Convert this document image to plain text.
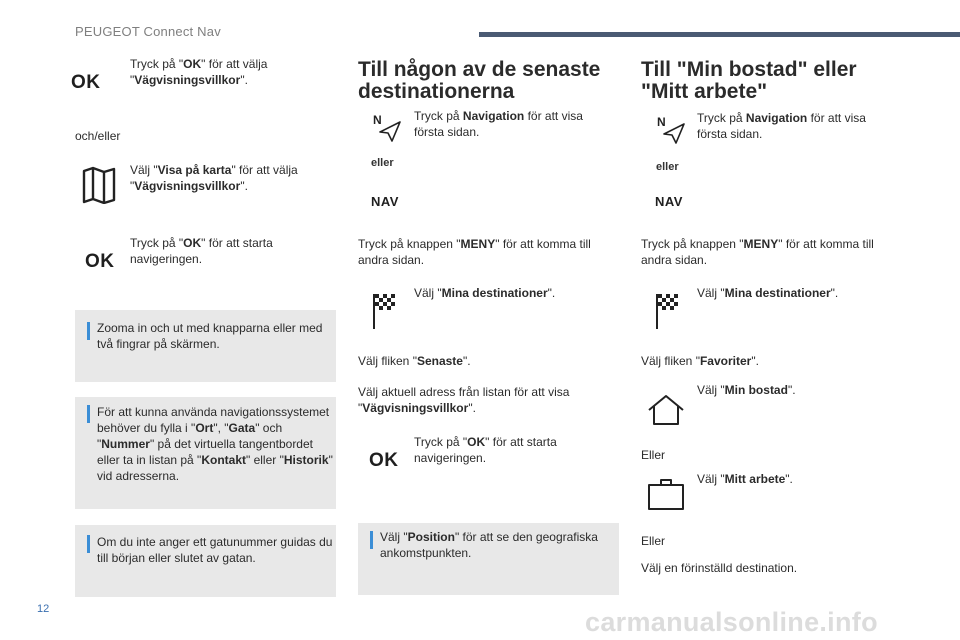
PEUGEOT Connect Nav
OK
Tryck på "OK" för att välja "Vägvisningsvillkor".
och/eller
Välj "Visa på karta" för att välja "Vägvisningsvillkor".
OK
Tryck på "OK" för att starta navigeringen.
Zooma in och ut med knapparna eller med två fingrar på skärmen.
För att kunna använda navigationssystemet behöver du fylla i "Ort", "Gata" och "Nummer" på det virtuella tangentbordet eller ta in listan på "Kontakt" eller "Historik" vid adresserna.
Om du inte anger ett gatunummer guidas du till början eller slutet av gatan.
Till någon av de senaste destinationerna
N
eller
NAV
Tryck på Navigation för att visa första sidan.
Tryck på knappen "MENY" för att komma till andra sidan.
Välj "Mina destinationer".
Välj fliken "Senaste".
Välj aktuell adress från listan för att visa "Vägvisningsvillkor".
OK
Tryck på "OK" för att starta navigeringen.
Välj "Position" för att se den geografiska ankomstpunkten.
Till "Min bostad" eller "Mitt arbete"
N
eller
NAV
Tryck på Navigation för att visa första sidan.
Tryck på knappen "MENY" för att komma till andra sidan.
Välj "Mina destinationer".
Välj fliken "Favoriter".
Välj "Min bostad".
Eller
Välj "Mitt arbete".
Eller
Välj en förinställd destination.
12	carmanualsonline.info
